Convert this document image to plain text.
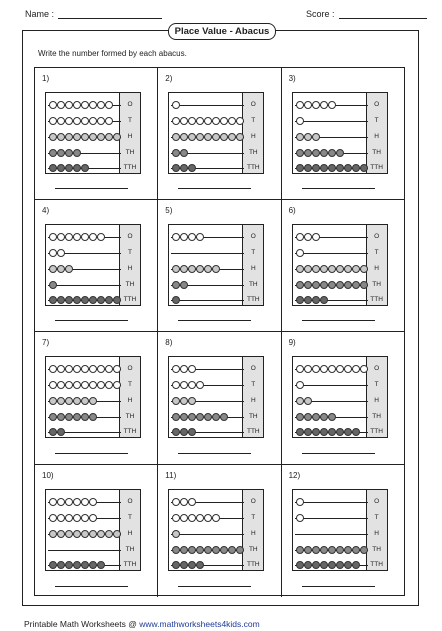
Name :	Score :
Place Value - Abacus
Write the number formed by each abacus.
1)
O
T
H
TH
TTH
2)
O
T
H
TH
TTH
3)
O
T
H
TH
TTH
4)
O
T
H
TH
TTH
5)
O
T
H
TH
TTH
6)
O
T
H
TH
TTH
7)
O
T
H
TH
TTH
8)
O
T
H
TH
TTH
9)
O
T
H
TH
TTH
10)
O
T
H
TH
TTH
11)
O
T
H
TH
TTH
12)
O
T
H
TH
TTH
Printable Math Worksheets @ www.mathworksheets4kids.com
